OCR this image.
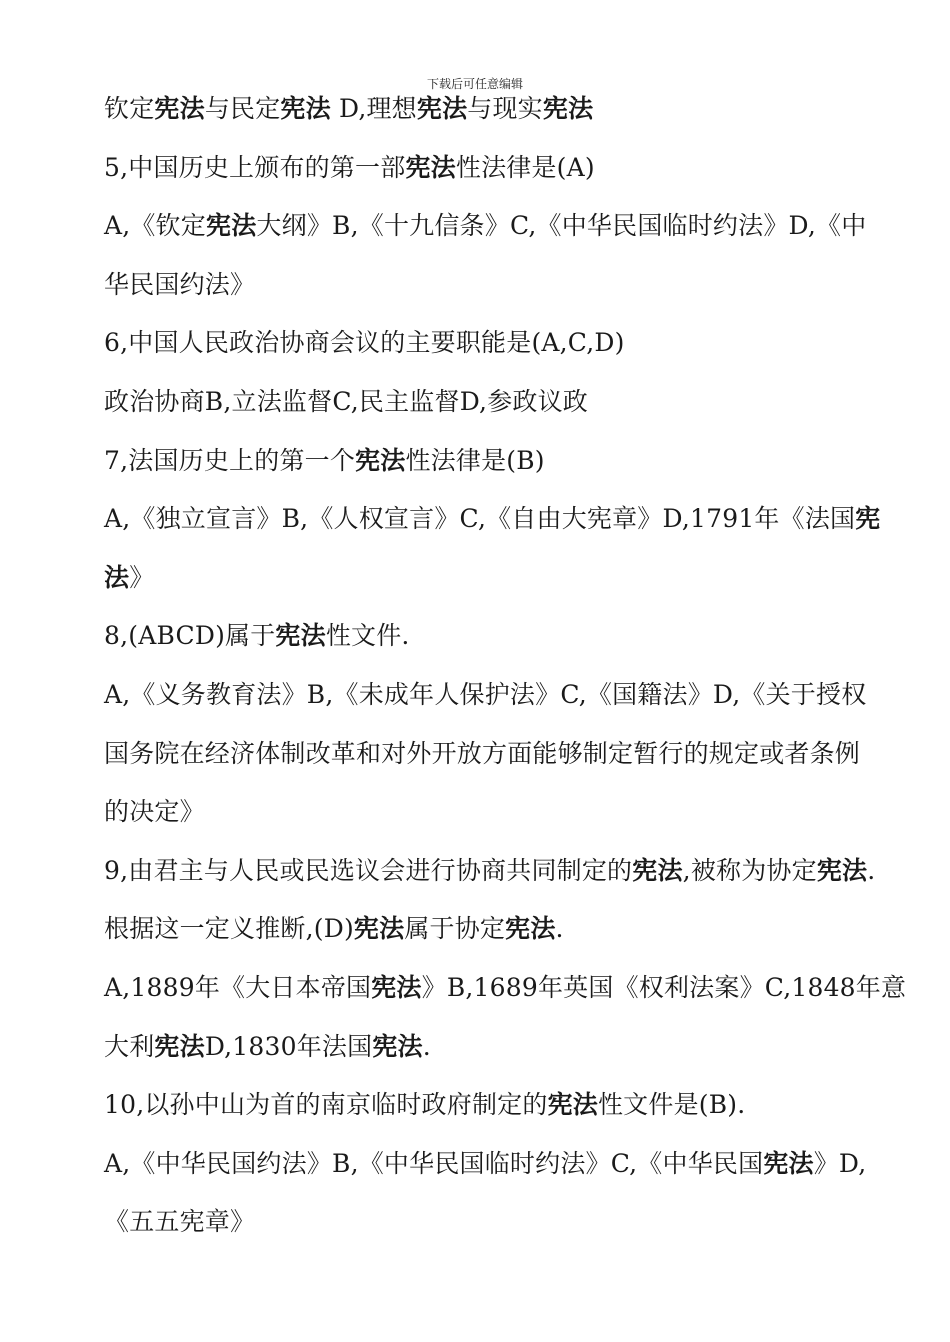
下载后可任意编辑
钦定宪法与民定宪法 D,理想宪法与现实宪法
5,中国历史上颁布的第一部宪法性法律是(A)
A,《钦定宪法大纲》B,《十九信条》C,《中华民国临时约法》D,《中
华民国约法》
6,中国人民政治协商会议的主要职能是(A,C,D)
政治协商B,立法监督C,民主监督D,参政议政
7,法国历史上的第一个宪法性法律是(B)
A,《独立宣言》B,《人权宣言》C,《自由大宪章》D,1791年《法国宪
法》
8,(ABCD)属于宪法性文件.
A,《义务教育法》B,《未成年人保护法》C,《国籍法》D,《关于授权
国务院在经济体制改革和对外开放方面能够制定暂行的规定或者条例
的决定》
9,由君主与人民或民选议会进行协商共同制定的宪法,被称为协定宪法.
根据这一定义推断,(D)宪法属于协定宪法.
A,1889年《大日本帝国宪法》B,1689年英国《权利法案》C,1848年意
大利宪法D,1830年法国宪法.
10,以孙中山为首的南京临时政府制定的宪法性文件是(B).
A,《中华民国约法》B,《中华民国临时约法》C,《中华民国宪法》D,
《五五宪章》
